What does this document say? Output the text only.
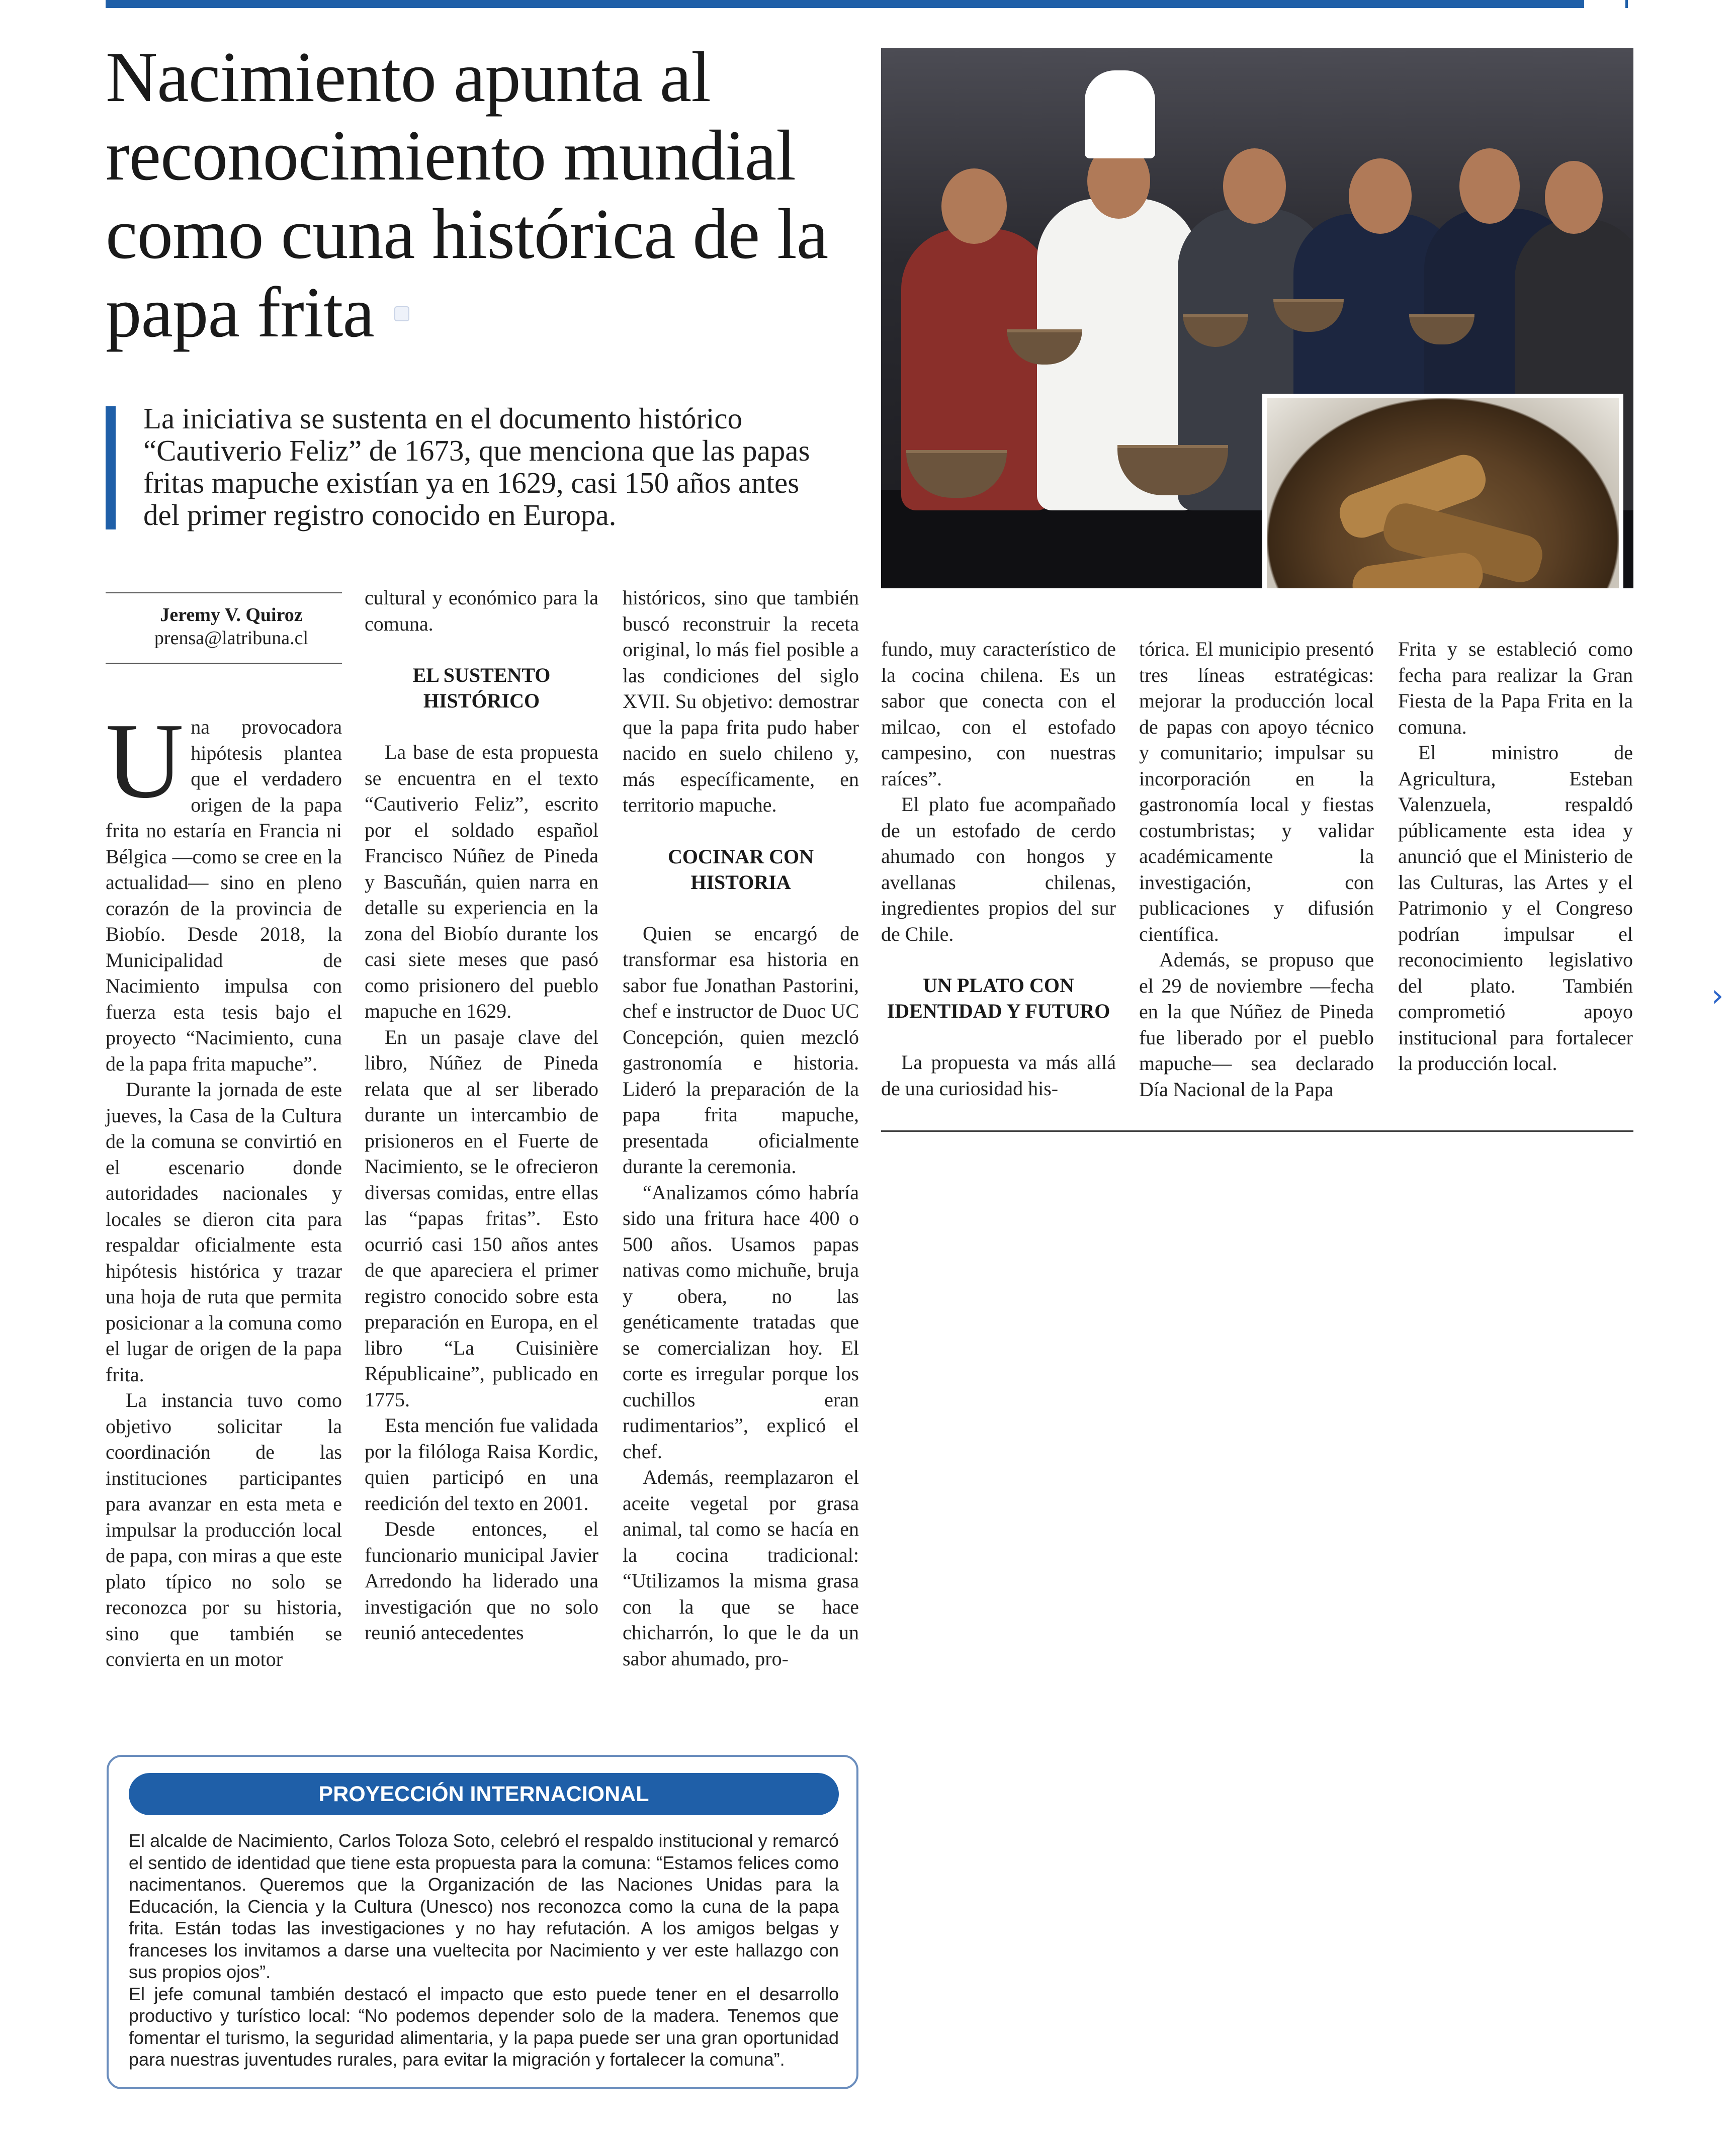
Nacimiento apunta al reconocimiento mundial como cuna histórica de la papa frita

La iniciativa se sustenta en el documento histórico “Cautiverio Feliz” de 1673, que menciona que las papas fritas mapuche existían ya en 1629, casi 150 años antes del primer registro conocido en Europa.

Jeremy V. Quiroz
prensa@latribuna.cl

Una provocadora hipótesis plantea que el verdadero origen de la papa frita no estaría en Francia ni Bélgica —como se cree en la actualidad— sino en pleno corazón de la provincia de Biobío. Desde 2018, la Municipalidad de Nacimiento impulsa con fuerza esta tesis bajo el proyecto “Nacimiento, cuna de la papa frita mapuche”.

Durante la jornada de este jueves, la Casa de la Cultura de la comuna se convirtió en el escenario donde autoridades nacionales y locales se dieron cita para respaldar oficialmente esta hipótesis histórica y trazar una hoja de ruta que permita posicionar a la comuna como el lugar de origen de la papa frita.

La instancia tuvo como objetivo solicitar la coordinación de las instituciones participantes para avanzar en esta meta e impulsar la producción local de papa, con miras a que este plato típico no solo se reconozca por su historia, sino que también se convierta en un motor

cultural y económico para la comuna.

EL SUSTENTO HISTÓRICO

La base de esta propuesta se encuentra en el texto “Cautiverio Feliz”, escrito por el soldado español Francisco Núñez de Pineda y Bascuñán, quien narra en detalle su experiencia en la zona del Biobío durante los casi siete meses que pasó como prisionero del pueblo mapuche en 1629.

En un pasaje clave del libro, Núñez de Pineda relata que al ser liberado durante un intercambio de prisioneros en el Fuerte de Nacimiento, se le ofrecieron diversas comidas, entre ellas las “papas fritas”. Esto ocurrió casi 150 años antes de que apareciera el primer registro conocido sobre esta preparación en Europa, en el libro “La Cuisinière Républicaine”, publicado en 1775.

Esta mención fue validada por la filóloga Raisa Kordic, quien participó en una reedición del texto en 2001.

Desde entonces, el funcionario municipal Javier Arredondo ha liderado una investigación que no solo reunió antecedentes

históricos, sino que también buscó reconstruir la receta original, lo más fiel posible a las condiciones del siglo XVII. Su objetivo: demostrar que la papa frita pudo haber nacido en suelo chileno y, más específicamente, en territorio mapuche.

COCINAR CON HISTORIA

Quien se encargó de transformar esa historia en sabor fue Jonathan Pastorini, chef e instructor de Duoc UC Concepción, quien mezcló gastronomía e historia. Lideró la preparación de la papa frita mapuche, presentada oficialmente durante la ceremonia.

“Analizamos cómo habría sido una fritura hace 400 o 500 años. Usamos papas nativas como michuñe, bruja y obera, no las genéticamente tratadas que se comercializan hoy. El corte es irregular porque los cuchillos eran rudimentarios”, explicó el chef.

Además, reemplazaron el aceite vegetal por grasa animal, tal como se hacía en la cocina tradicional: “Utilizamos la misma grasa con la que se hace chicharrón, lo que le da un sabor ahumado, pro-

fundo, muy característico de la cocina chilena. Es un sabor que conecta con el milcao, con el estofado campesino, con nuestras raíces”.

El plato fue acompañado de un estofado de cerdo ahumado con hongos y avellanas chilenas, ingredientes propios del sur de Chile.

UN PLATO CON IDENTIDAD Y FUTURO

La propuesta va más allá de una curiosidad his-

tórica. El municipio presentó tres líneas estratégicas: mejorar la producción local de papas con apoyo técnico y comunitario; impulsar su incorporación en la gastronomía local y fiestas costumbristas; y validar académicamente la investigación, con publicaciones y difusión científica.

Además, se propuso que el 29 de noviembre —fecha en la que Núñez de Pineda fue liberado por el pueblo mapuche— sea declarado Día Nacional de la Papa

Frita y se estableció como fecha para realizar la Gran Fiesta de la Papa Frita en la comuna.

El ministro de Agricultura, Esteban Valenzuela, respaldó públicamente esta idea y anunció que el Ministerio de las Culturas, las Artes y el Patrimonio y el Congreso podrían impulsar el reconocimiento legislativo del plato. También comprometió apoyo institucional para fortalecer la producción local.

PROYECCIÓN INTERNACIONAL

El alcalde de Nacimiento, Carlos Toloza Soto, celebró el respaldo institucional y remarcó el sentido de identidad que tiene esta propuesta para la comuna: “Estamos felices como nacimentanos. Queremos que la Organización de las Naciones Unidas para la Educación, la Ciencia y la Cultura (Unesco) nos reconozca como la cuna de la papa frita. Están todas las investigaciones y no hay refutación. A los amigos belgas y franceses los invitamos a darse una vueltecita por Nacimiento y ver este hallazgo con sus propios ojos”.

El jefe comunal también destacó el impacto que esto puede tener en el desarrollo productivo y turístico local: “No podemos depender solo de la madera. Tenemos que fomentar el turismo, la seguridad alimentaria, y la papa puede ser una gran oportunidad para nuestras juventudes rurales, para evitar la migración y fortalecer la comuna”.

›
